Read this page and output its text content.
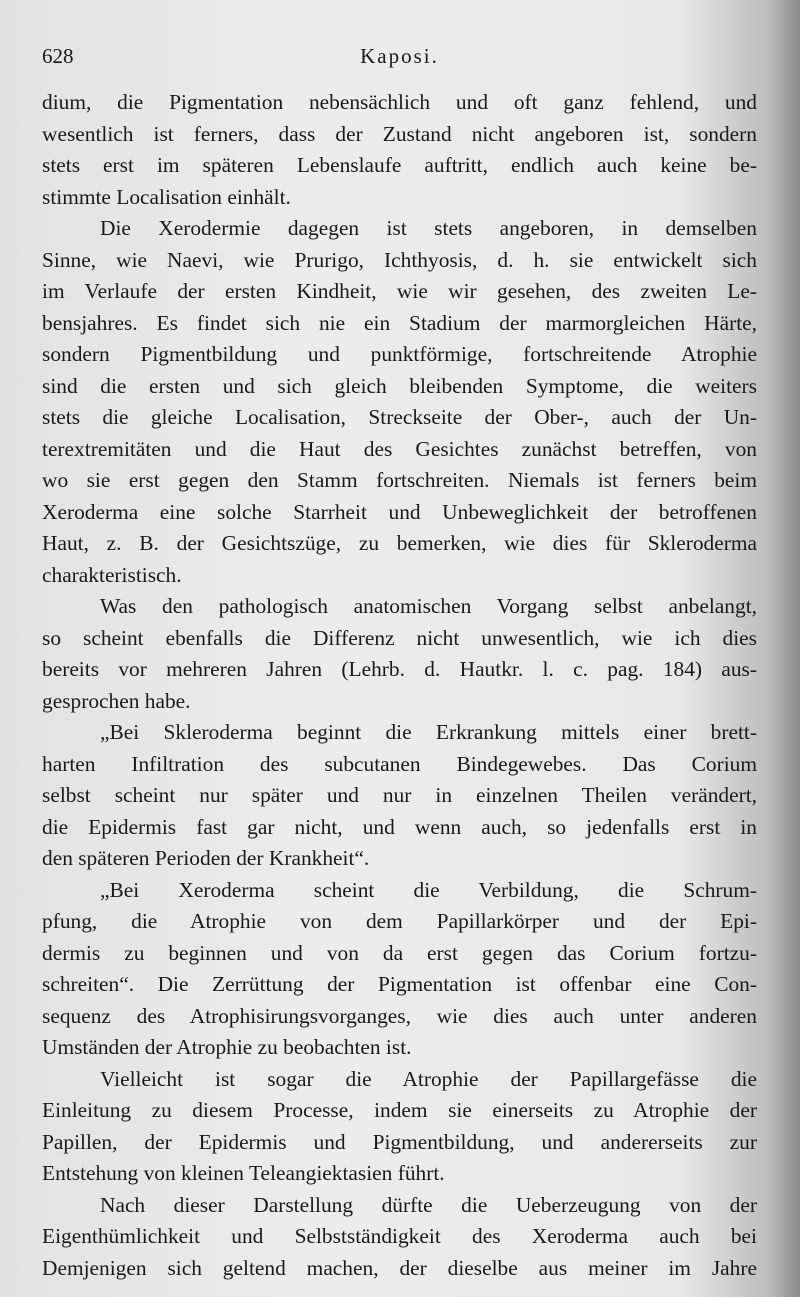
628	Kaposi.
dium, die Pigmentation nebensächlich und oft ganz fehlend, und
wesentlich ist ferners, dass der Zustand nicht angeboren ist, sondern
stets erst im späteren Lebenslaufe auftritt, endlich auch keine be-
stimmte Localisation einhält.
Die Xerodermie dagegen ist stets angeboren, in demselben
Sinne, wie Naevi, wie Prurigo, Ichthyosis, d. h. sie entwickelt sich
im Verlaufe der ersten Kindheit, wie wir gesehen, des zweiten Le-
bensjahres. Es findet sich nie ein Stadium der marmorgleichen Härte,
sondern Pigmentbildung und punktförmige, fortschreitende Atrophie
sind die ersten und sich gleich bleibenden Symptome, die weiters
stets die gleiche Localisation, Streckseite der Ober-, auch der Un-
terextremitäten und die Haut des Gesichtes zunächst betreffen, von
wo sie erst gegen den Stamm fortschreiten. Niemals ist ferners beim
Xeroderma eine solche Starrheit und Unbeweglichkeit der betroffenen
Haut, z. B. der Gesichtszüge, zu bemerken, wie dies für Skleroderma
charakteristisch.
Was den pathologisch anatomischen Vorgang selbst anbelangt,
so scheint ebenfalls die Differenz nicht unwesentlich, wie ich dies
bereits vor mehreren Jahren (Lehrb. d. Hautkr. l. c. pag. 184) aus-
gesprochen habe.
„Bei Skleroderma beginnt die Erkrankung mittels einer brett-
harten Infiltration des subcutanen Bindegewebes. Das Corium
selbst scheint nur später und nur in einzelnen Theilen verändert,
die Epidermis fast gar nicht, und wenn auch, so jedenfalls erst in
den späteren Perioden der Krankheit“.
„Bei Xeroderma scheint die Verbildung, die Schrum-
pfung, die Atrophie von dem Papillarkörper und der Epi-
dermis zu beginnen und von da erst gegen das Corium fortzu-
schreiten“. Die Zerrüttung der Pigmentation ist offenbar eine Con-
sequenz des Atrophisirungsvorganges, wie dies auch unter anderen
Umständen der Atrophie zu beobachten ist.
Vielleicht ist sogar die Atrophie der Papillargefässe die
Einleitung zu diesem Processe, indem sie einerseits zu Atrophie der
Papillen, der Epidermis und Pigmentbildung, und andererseits zur
Entstehung von kleinen Teleangiektasien führt.
Nach dieser Darstellung dürfte die Ueberzeugung von der
Eigenthümlichkeit und Selbstständigkeit des Xeroderma auch bei
Demjenigen sich geltend machen, der dieselbe aus meiner im Jahre
